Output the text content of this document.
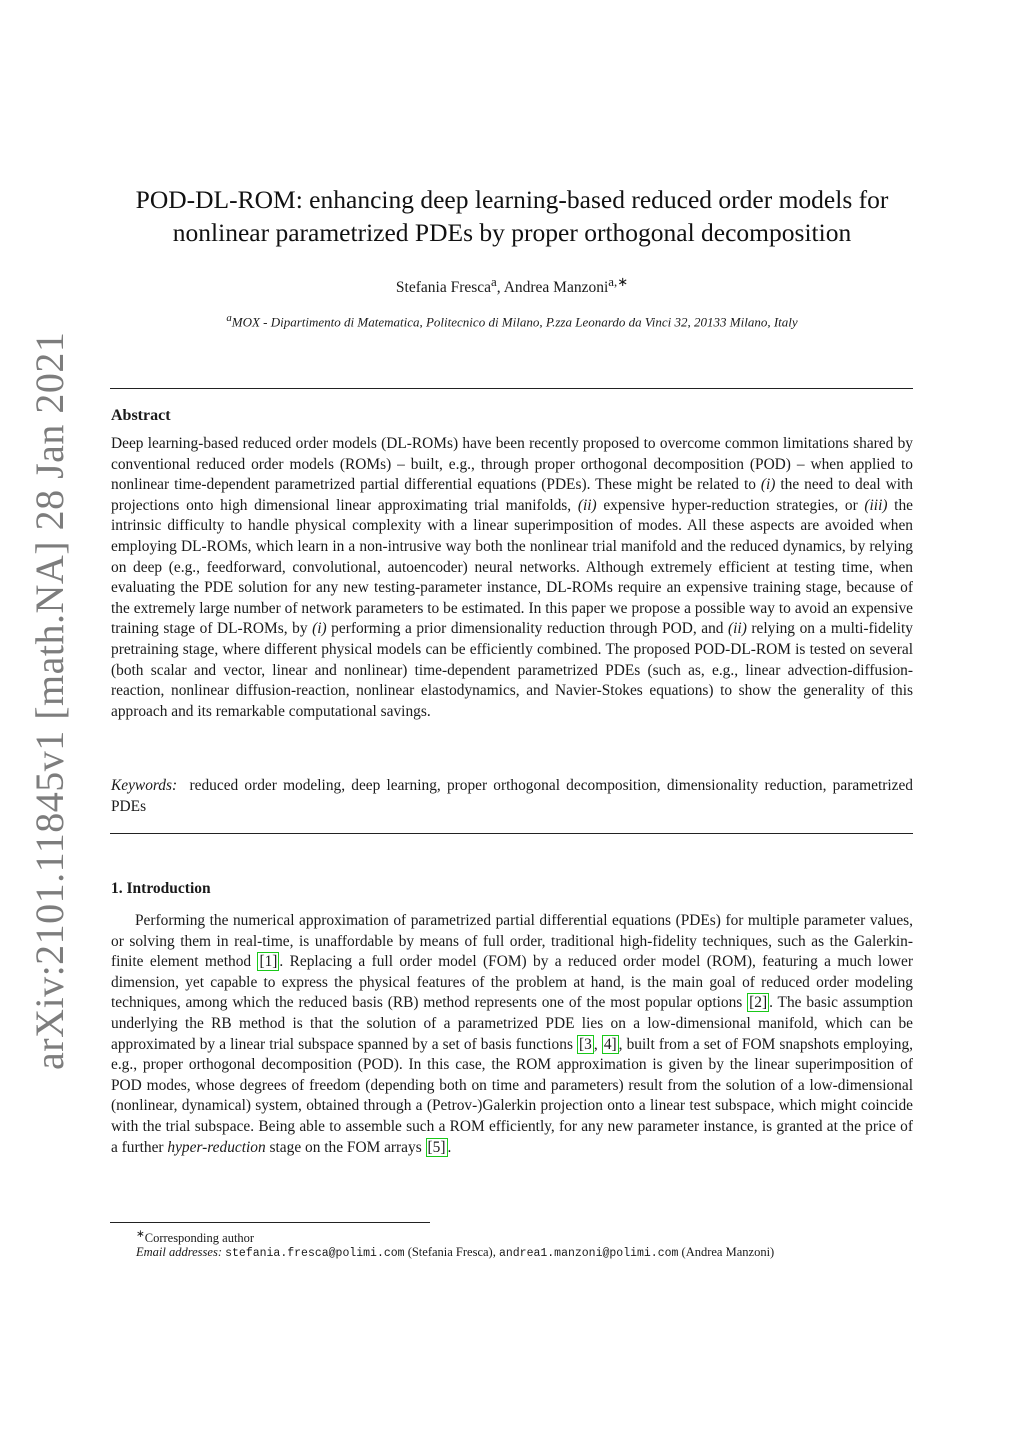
arXiv:2101.11845v1 [math.NA] 28 Jan 2021
POD-DL-ROM: enhancing deep learning-based reduced order models for
nonlinear parametrized PDEs by proper orthogonal decomposition
Stefania Fresca$^a$, Andrea Manzoni$^{a,∗}$
$^a$MOX - Dipartimento di Matematica, Politecnico di Milano, P.zza Leonardo da Vinci 32, 20133 Milano, Italy
Abstract
Deep learning-based reduced order models (DL-ROMs) have been recently proposed to overcome common limitations shared by conventional reduced order models (ROMs) – built, e.g., through proper orthogonal decomposition (POD) – when applied to nonlinear time-dependent parametrized partial differential equations (PDEs). These might be related to (i) the need to deal with projections onto high dimensional linear approximating trial manifolds, (ii) expensive hyper-reduction strategies, or (iii) the intrinsic difficulty to handle physical complexity with a linear superimposition of modes. All these aspects are avoided when employing DL-ROMs, which learn in a non-intrusive way both the nonlinear trial manifold and the reduced dynamics, by relying on deep (e.g., feedforward, convolutional, autoencoder) neural networks. Although extremely efficient at testing time, when evaluating the PDE solution for any new testing-parameter instance, DL-ROMs require an expensive training stage, because of the extremely large number of network parameters to be estimated. In this paper we propose a possible way to avoid an expensive training stage of DL-ROMs, by (i) performing a prior dimensionality reduction through POD, and (ii) relying on a multi-fidelity pretraining stage, where different physical models can be efficiently combined. The proposed POD-DL-ROM is tested on several (both scalar and vector, linear and nonlinear) time-dependent parametrized PDEs (such as, e.g., linear advection-diffusion-reaction, nonlinear diffusion-reaction, nonlinear elastodynamics, and Navier-Stokes equations) to show the generality of this approach and its remarkable computational savings.
Keywords: reduced order modeling, deep learning, proper orthogonal decomposition, dimensionality reduction, parametrized PDEs
1. Introduction
Performing the numerical approximation of parametrized partial differential equations (PDEs) for multiple parameter values, or solving them in real-time, is unaffordable by means of full order, traditional high-fidelity techniques, such as the Galerkin-finite element method [1] . Replacing a full order model (FOM) by a reduced order model (ROM), featuring a much lower dimension, yet capable to express the physical features of the problem at hand, is the main goal of reduced order modeling techniques, among which the reduced basis (RB) method represents one of the most popular options [2] . The basic assumption underlying the RB method is that the solution of a parametrized PDE lies on a low-dimensional manifold, which can be approximated by a linear trial subspace spanned by a set of basis functions [3 , 4] , built from a set of FOM snapshots employing, e.g., proper orthogonal decomposition (POD). In this case, the ROM approximation is given by the linear superimposition of POD modes, whose degrees of freedom (depending both on time and parameters) result from the solution of a low-dimensional (nonlinear, dynamical) system, obtained through a (Petrov-)Galerkin projection onto a linear test subspace, which might coincide with the trial subspace. Being able to assemble such a ROM efficiently, for any new parameter instance, is granted at the price of a further hyper-reduction stage on the FOM arrays [5] .
∗Corresponding author
Email addresses: stefania.fresca@polimi.com (Stefania Fresca), andrea1.manzoni@polimi.com (Andrea Manzoni)
